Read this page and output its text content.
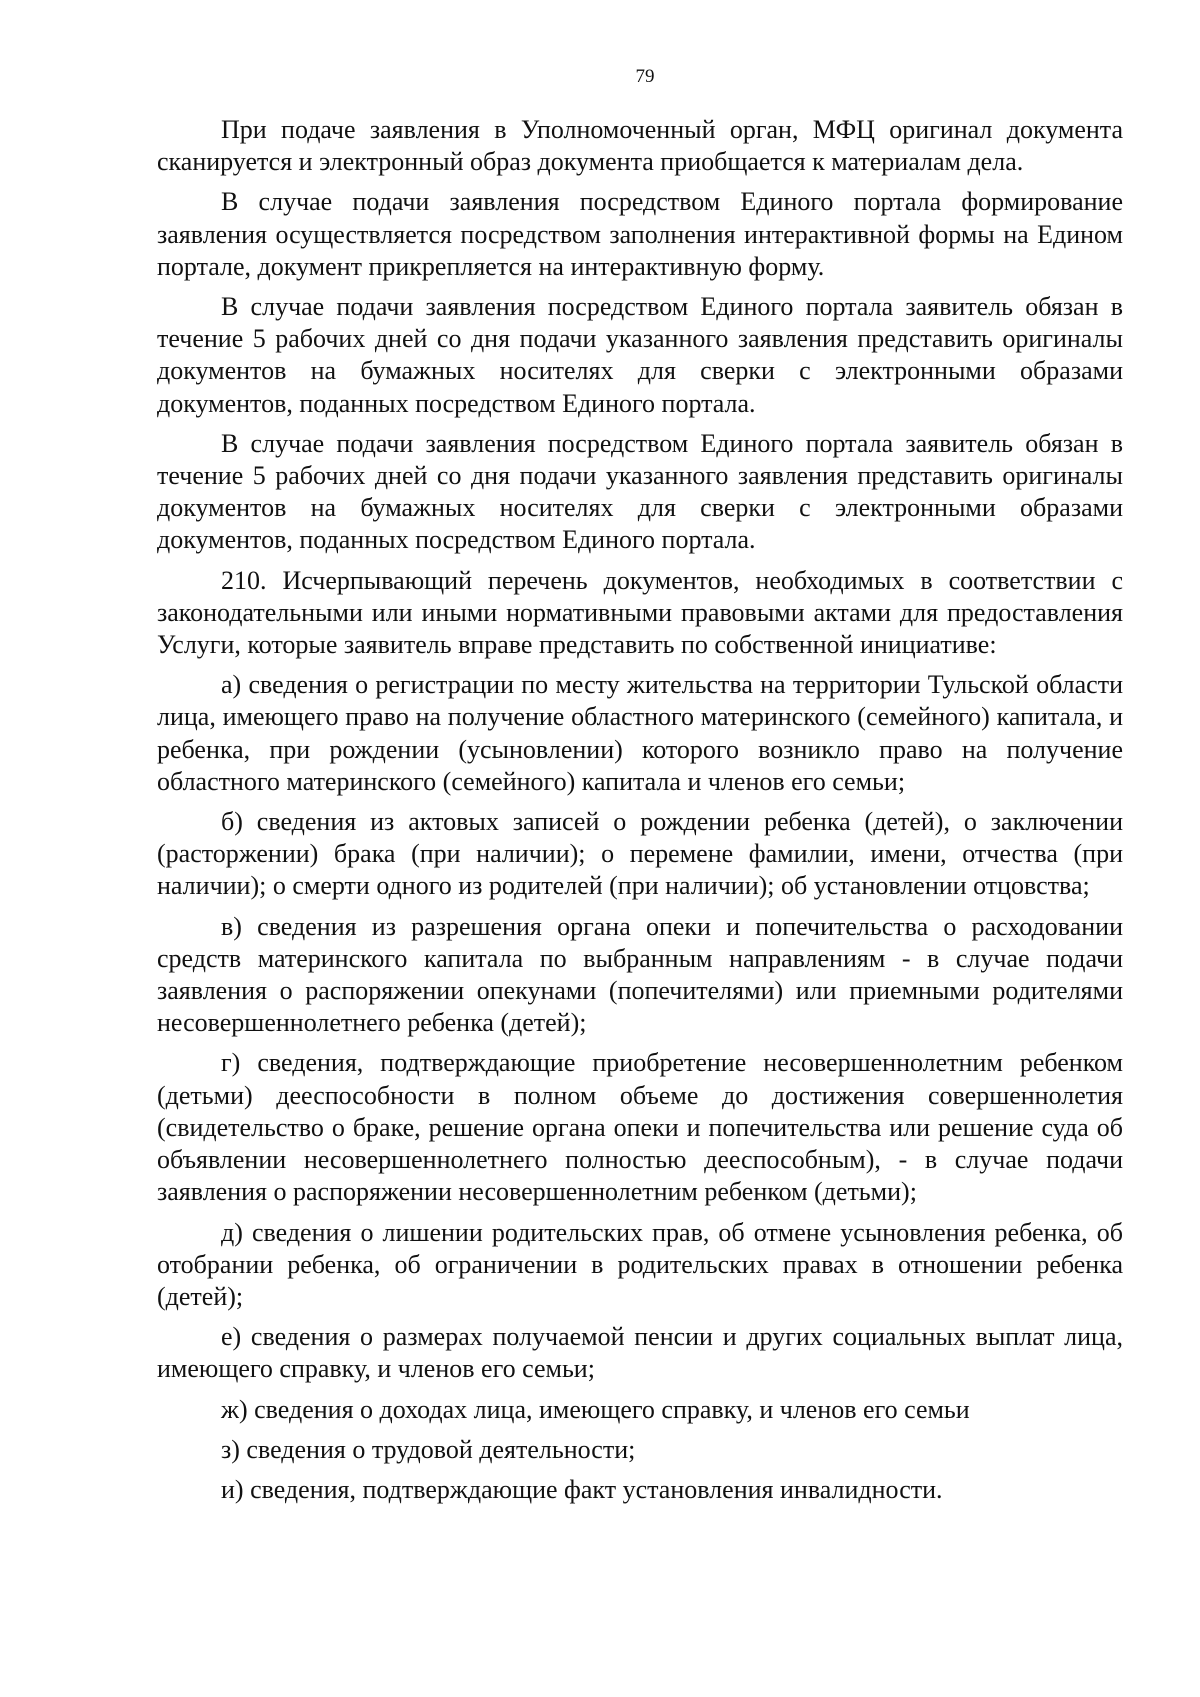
79

При подаче заявления в Уполномоченный орган, МФЦ оригинал документа сканируется и электронный образ документа приобщается к материалам дела.

В случае подачи заявления посредством Единого портала формирование заявления осуществляется посредством заполнения интерактивной формы на Едином портале, документ прикрепляется на интерактивную форму.

В случае подачи заявления посредством Единого портала заявитель обязан в течение 5 рабочих дней со дня подачи указанного заявления представить оригиналы документов на бумажных носителях для сверки с электронными образами документов, поданных посредством Единого портала.

В случае подачи заявления посредством Единого портала заявитель обязан в течение 5 рабочих дней со дня подачи указанного заявления представить оригиналы документов на бумажных носителях для сверки с электронными образами документов, поданных посредством Единого портала.

210. Исчерпывающий перечень документов, необходимых в соответствии с законодательными или иными нормативными правовыми актами для предоставления Услуги, которые заявитель вправе представить по собственной инициативе:

а) сведения о регистрации по месту жительства на территории Тульской области лица, имеющего право на получение областного материнского (семейного) капитала, и ребенка, при рождении (усыновлении) которого возникло право на получение областного материнского (семейного) капитала и членов его семьи;

б) сведения из актовых записей о рождении ребенка (детей), о заключении (расторжении) брака (при наличии); о перемене фамилии, имени, отчества (при наличии); о смерти одного из родителей (при наличии); об установлении отцовства;

в) сведения из разрешения органа опеки и попечительства о расходовании средств материнского капитала по выбранным направлениям - в случае подачи заявления о распоряжении опекунами (попечителями) или приемными родителями несовершеннолетнего ребенка (детей);

г) сведения, подтверждающие приобретение несовершеннолетним ребенком (детьми) дееспособности в полном объеме до достижения совершеннолетия (свидетельство о браке, решение органа опеки и попечительства или решение суда об объявлении несовершеннолетнего полностью дееспособным), - в случае подачи заявления о распоряжении несовершеннолетним ребенком (детьми);

д) сведения о лишении родительских прав, об отмене усыновления ребенка, об отобрании ребенка, об ограничении в родительских правах в отношении ребенка (детей);

е) сведения о размерах получаемой пенсии и других социальных выплат лица, имеющего справку, и членов его семьи;

ж) сведения о доходах лица, имеющего справку, и членов его семьи

з) сведения о трудовой деятельности;

и) сведения, подтверждающие факт установления инвалидности.
